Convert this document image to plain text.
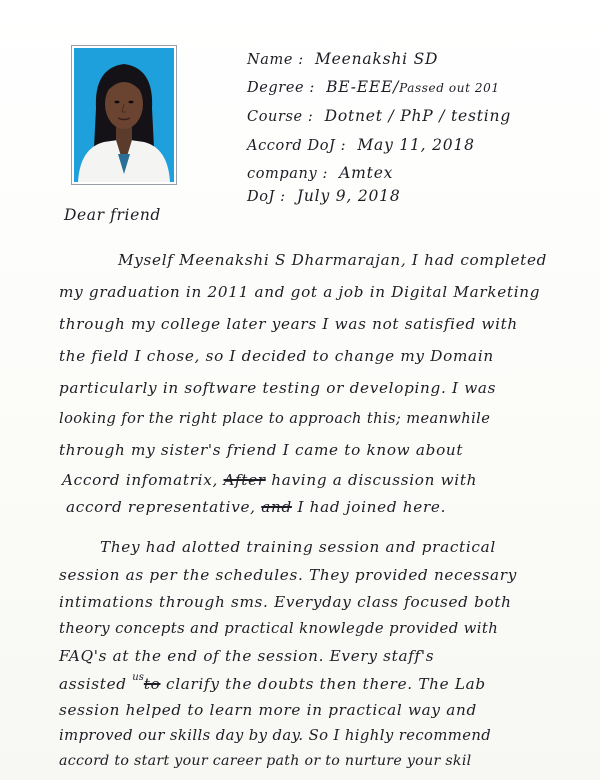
Name : Meenakshi SD
Degree : BE-EEE/Passed out 201
Course : Dotnet / PhP / testing
Accord DoJ : May 11, 2018
company : Amtex
DoJ : July 9, 2018
Dear friend
Myself Meenakshi S Dharmarajan, I had completed
my graduation in 2011 and got a job in Digital Marketing
through my college later years I was not satisfied with
the field I chose, so I decided to change my Domain
particularly in software testing or developing. I was
looking for the right place to approach this; meanwhile
through my sister's friend I came to know about
Accord infomatrix, After having a discussion with
accord representative, and I had joined here.
They had alotted training session and practical
session as per the schedules. They provided necessary
intimations through sms. Everyday class focused both
theory concepts and practical knowlegde provided with
FAQ's at the end of the session. Every staff's
assisted $^{us}$to clarify the doubts then there. The Lab
session helped to learn more in practical way and
improved our skills day by day. So I highly recommend
accord to start your career path or to nurture your skil
